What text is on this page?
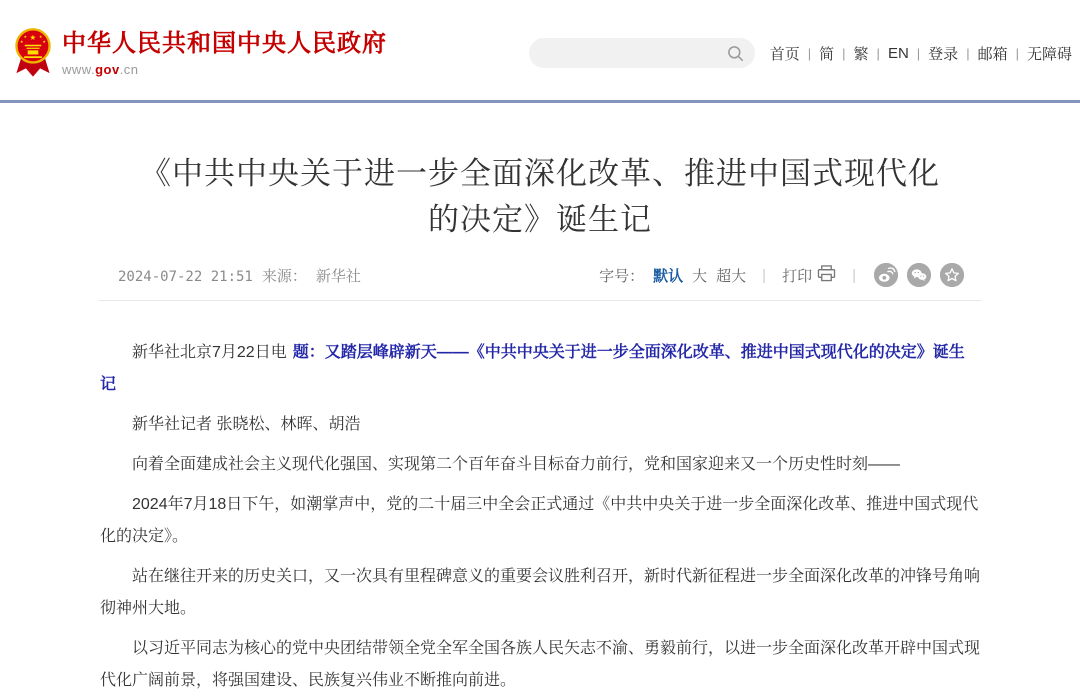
★
★ ★
★	★ 中华人民共和国中央人民政府
www.gov.cn
首页 | 简 | 繁 | EN | 登录 | 邮箱 | 无障碍
《中共中央关于进一步全面深化改革、推进中国式现代化
的决定》诞生记
2024-07-22 21:51 来源： 新华社	字号： 默认 大 超大 | 打印	|

新华社北京7月22日电 题：又踏层峰辟新天——《中共中央关于进一步全面深化改革、推进中国式现代化的决定》诞生记

新华社记者 张晓松、林晖、胡浩

向着全面建成社会主义现代化强国、实现第二个百年奋斗目标奋力前行，党和国家迎来又一个历史性时刻——

2024年7月18日下午，如潮掌声中，党的二十届三中全会正式通过《中共中央关于进一步全面深化改革、推进中国式现代化的决定》。

站在继往开来的历史关口，又一次具有里程碑意义的重要会议胜利召开，新时代新征程进一步全面深化改革的冲锋号角响彻神州大地。

以习近平同志为核心的党中央团结带领全党全军全国各族人民矢志不渝、勇毅前行，以进一步全面深化改革开辟中国式现代化广阔前景，将强国建设、民族复兴伟业不断推向前进。
